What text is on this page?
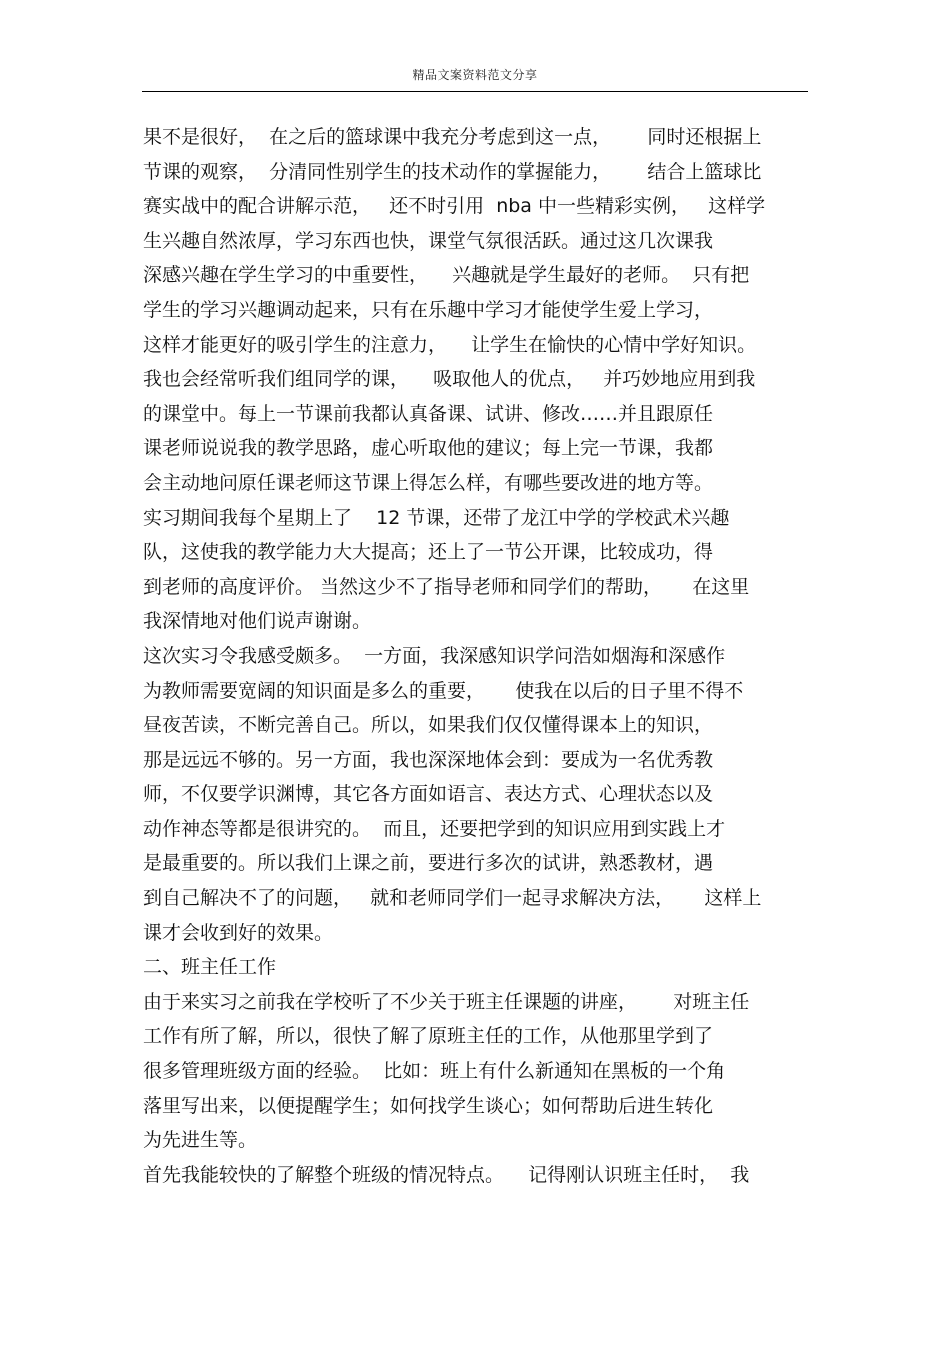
精品文案资料范文分享
果不是很好，  在之后的篮球课中我充分考虑到这一点，      同时还根据上
节课的观察，  分清同性别学生的技术动作的掌握能力，      结合上篮球比
赛实战中的配合讲解示范，   还不时引用  nba 中一些精彩实例，   这样学
生兴趣自然浓厚，学习东西也快，课堂气氛很活跃。通过这几次课我
深感兴趣在学生学习的中重要性，    兴趣就是学生最好的老师。  只有把
学生的学习兴趣调动起来，只有在乐趣中学习才能使学生爱上学习，
这样才能更好的吸引学生的注意力，    让学生在愉快的心情中学好知识。
我也会经常听我们组同学的课，    吸取他人的优点，   并巧妙地应用到我
的课堂中。每上一节课前我都认真备课、试讲、修改……并且跟原任
课老师说说我的教学思路，虚心听取他的建议；每上完一节课，我都
会主动地问原任课老师这节课上得怎么样，有哪些要改进的地方等。
实习期间我每个星期上了    12 节课，还带了龙江中学的学校武术兴趣
队，这使我的教学能力大大提高；还上了一节公开课，比较成功，得
到老师的高度评价。 当然这少不了指导老师和同学们的帮助，     在这里
我深情地对他们说声谢谢。
这次实习令我感受颇多。  一方面，我深感知识学问浩如烟海和深感作
为教师需要宽阔的知识面是多么的重要，     使我在以后的日子里不得不
昼夜苦读，不断完善自己。所以，如果我们仅仅懂得课本上的知识，
那是远远不够的。另一方面，我也深深地体会到：要成为一名优秀教
师，不仅要学识渊博，其它各方面如语言、表达方式、心理状态以及
动作神态等都是很讲究的。  而且，还要把学到的知识应用到实践上才
是最重要的。所以我们上课之前，要进行多次的试讲，熟悉教材，遇
到自己解决不了的问题，   就和老师同学们一起寻求解决方法，     这样上
课才会收到好的效果。
二、班主任工作
由于来实习之前我在学校听了不少关于班主任课题的讲座，      对班主任
工作有所了解，所以，很快了解了原班主任的工作，从他那里学到了
很多管理班级方面的经验。  比如：班上有什么新通知在黑板的一个角
落里写出来，以便提醒学生；如何找学生谈心；如何帮助后进生转化
为先进生等。
首先我能较快的了解整个班级的情况特点。    记得刚认识班主任时，  我
